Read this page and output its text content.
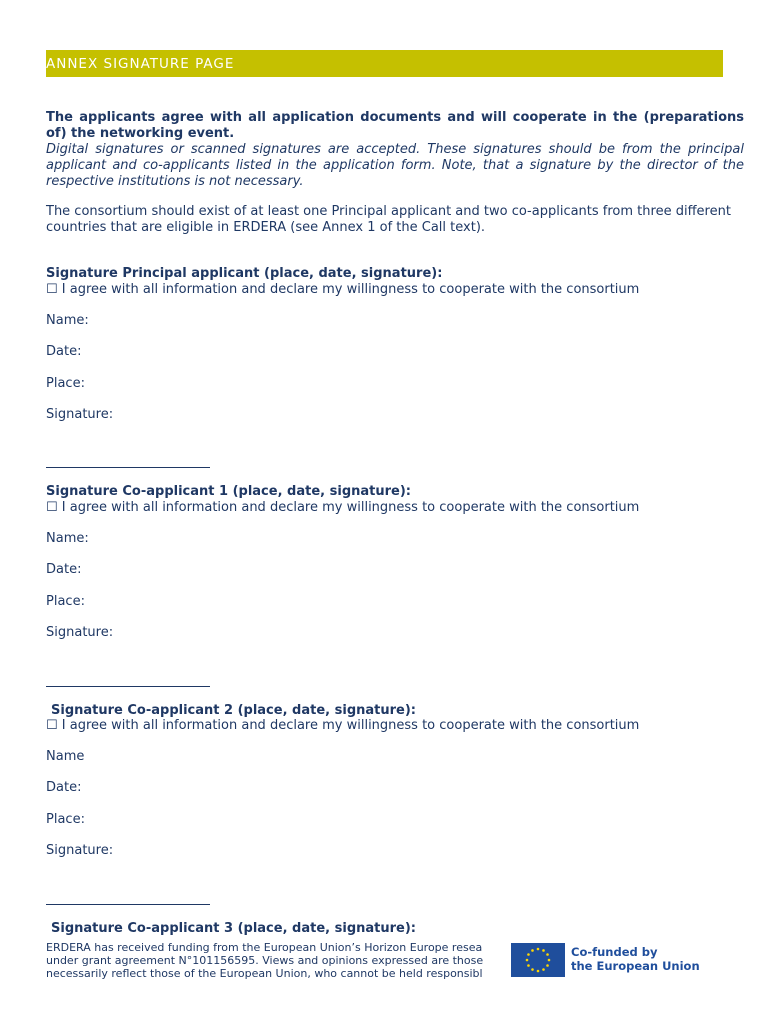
ANNEX SIGNATURE PAGE
The applicants agree with all application documents and will cooperate in the (preparations of) the networking event.
Digital signatures or scanned signatures are accepted. These signatures should be from the principal applicant and co-applicants listed in the application form. Note, that a signature by the director of the respective institutions is not necessary.
The consortium should exist of at least one Principal applicant and two co-applicants from three different countries that are eligible in ERDERA (see Annex 1 of the Call text).
Signature Principal applicant (place, date, signature):
☐ I agree with all information and declare my willingness to cooperate with the consortium
Name:
Date:
Place:
Signature:
Signature Co-applicant 1 (place, date, signature):
☐ I agree with all information and declare my willingness to cooperate with the consortium
Name:
Date:
Place:
Signature:
Signature Co-applicant 2 (place, date, signature):
☐ I agree with all information and declare my willingness to cooperate with the consortium
Name
Date:
Place:
Signature:
Signature Co-applicant 3 (place, date, signature):
ERDERA has received funding from the European Union’s Horizon Europe resea
under grant agreement N°101156595. Views and opinions expressed are those
necessarily reflect those of the European Union, who cannot be held responsibl
Co-funded by
the European Union
